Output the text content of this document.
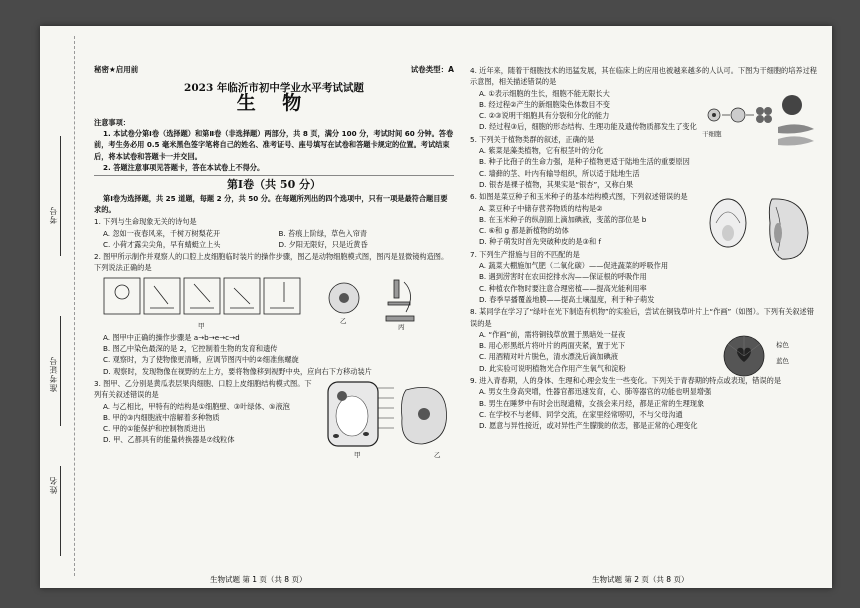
考号
准考证号
姓名
秘密★启用前	试卷类型：A
2023 年临沂市初中学业水平考试试题
生 物
注意事项：
1. 本试卷分第Ⅰ卷（选择题）和第Ⅱ卷（非选择题）两部分，共 8 页，满分 100 分，考试时间 60 分钟。答卷前，考生务必用 0.5 毫米黑色签字笔将自己的姓名、准考证号、座号填写在试卷和答题卡规定的位置。考试结束后，将本试卷和答题卡一并交回。
2. 答题注意事项见答题卡，答在本试卷上不得分。
第Ⅰ卷（共 50 分）
第Ⅰ卷为选择题，共 25 道题，每题 2 分，共 50 分。在每题所列出的四个选项中，只有一项是最符合题目要求的。
1. 下列与生命现象无关的诗句是
A. 忽如一夜春风来，千树万树梨花开	B. 苔痕上阶绿，草色入帘青
C. 小荷才露尖尖角，早有蜻蜓立上头	D. 夕阳无限好，只是近黄昏
2. 图甲所示制作并观察人的口腔上皮细胞临时装片的操作步骤，图乙是动物细胞模式图，图丙是显微镜构造图。下列说法正确的是
甲
乙
丙
A. 图甲中正确的操作步骤是 a→b→e→c→d
B. 图乙中染色最深的是 2，它控制着生物的发育和遗传
C. 观察时，为了使物像更清晰，应调节图丙中的②细准焦螺旋
D. 观察时，发现物像在视野的左上方，要将物像移到视野中央，应向右下方移动装片
3. 图甲、乙分别是黄瓜表层果肉细胞、口腔上皮细胞结构模式图。下列有关叙述错误的是
A. 与乙相比，甲特有的结构是①细胞壁、③叶绿体、⑤液泡
B. 甲的③内细胞液中溶解着多种物质
C. 甲的①能保护和控制物质进出
D. 甲、乙都具有的能量转换器是⑦线粒体
甲	乙
4. 近年来，随着干细胞技术的迅猛发展，其在临床上的应用也被越来越多的人认可。下图为干细胞的培养过程示意图，相关描述错误的是
A. ①表示细胞的生长，细胞不能无限长大
B. 经过程②产生的新细胞染色体数目不变
C. ②③说明干细胞具有分裂和分化的能力
D. 经过程③后，细胞的形态结构、生理功能及遗传物质都发生了变化
干细胞
5. 下列关于植物类群的叙述，正确的是
A. 紫菜是藻类植物，它有根茎叶的分化
B. 种子比孢子的生命力强，是种子植物更适于陆地生活的重要原因
C. 墙藓的茎、叶内有输导组织，所以适于陆地生活
D. 银杏是裸子植物，其果实是“银杏”，又称白果
6. 如图是菜豆种子和玉米种子的基本结构模式图，下列叙述错误的是
A. 菜豆种子中储存营养物质的结构是②
B. 在玉米种子的纵剖面上滴加碘液，变蓝的部位是 b
C. ⑥和 g 都是新植物的幼体
D. 种子萌发时首先突破种皮的是③和 f
7. 下列生产措施与目的不匹配的是
A. 蔬菜大棚施加气肥（二氧化碳）——促进蔬菜的呼吸作用
B. 遇到涝害时在农田挖排水沟——保证根的呼吸作用
C. 种植农作物时要注意合理密植——提高光能利用率
D. 春季早播覆盖地膜——提高土壤温度，利于种子萌发
8. 某同学在学习了“绿叶在光下制造有机物”的实验后，尝试在铜钱草叶片上“作画”（如图）。下列有关叙述错误的是
A. “作画”前，需将铜钱草放置于黑暗处一昼夜
B. 用心形黑纸片将叶片的两面夹紧，置于光下
C. 用酒精对叶片脱色，清水漂洗后滴加碘液
D. 此实验可说明植物光合作用产生氧气和淀粉
棕色
蓝色
9. 进入青春期，人的身体、生理和心理会发生一些变化。下列关于青春期的特点或表现，错误的是
A. 男女生身高突增，性器官都迅速发育，心、肺等器官的功能也明显增强
B. 男生在睡梦中有时会出现遗精，女孩会来月经，都是正常的生理现象
C. 在学校不与老师、同学交流，在家里经常唠叨，不与父母沟通
D. 愿意与异性接近，或对异性产生朦胧的依恋，都是正常的心理变化
生物试题 第 1 页（共 8 页）	生物试题 第 2 页（共 8 页）
